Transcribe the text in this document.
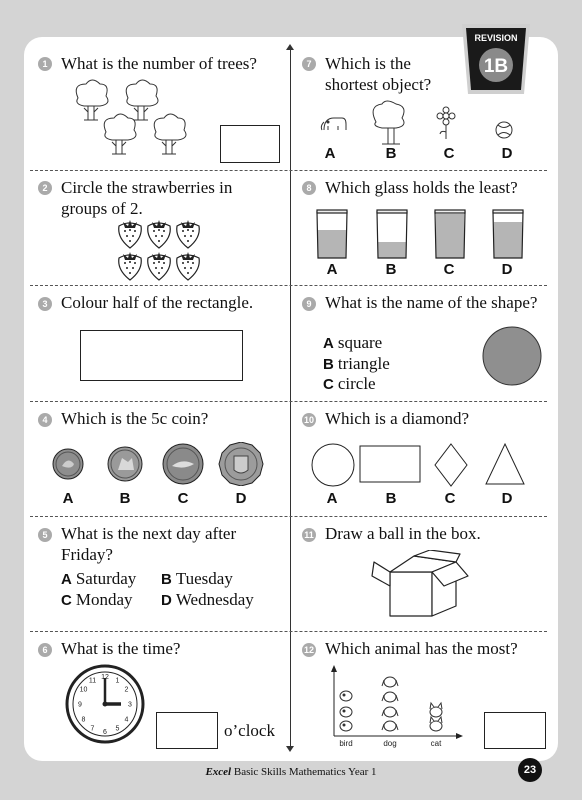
REVISION
1B
1 What is the number of trees?
2 Circle the strawberries in groups of 2.
3 Colour half of the rectangle.
4 Which is the 5c coin?
A	B	C	D
5 What is the next day after Friday?
A Saturday B Tuesday
C Monday D Wednesday
6 What is the time?
12 1
2
3
4
5
6
7
8
9
10
11
o’clock
7 Which is the shortest object?
A	B	C	D
8 Which glass holds the least?
A	B	C	D
9 What is the name of the shape?
A square
B triangle
C circle
10 Which is a diamond?
A	B	C	D
11 Draw a ball in the box.
12 Which animal has the most?
bird	dog	cat
Excel Basic Skills Mathematics Year 1	23
